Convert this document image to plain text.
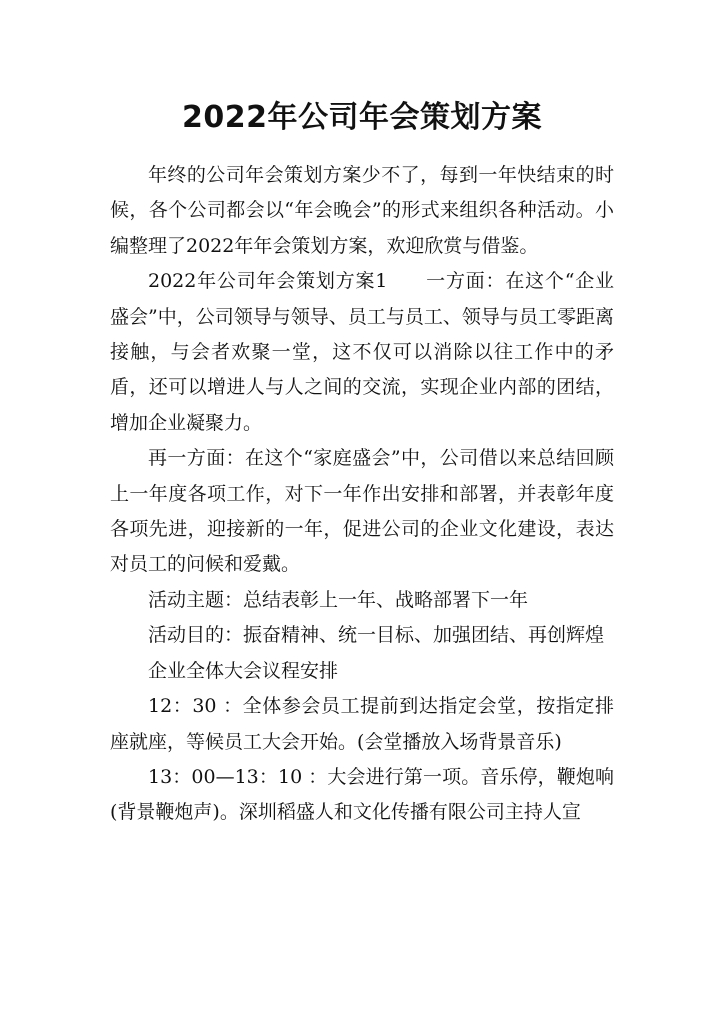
2022年公司年会策划方案

年终的公司年会策划方案少不了，每到一年快结束的时候，各个公司都会以“年会晚会”的形式来组织各种活动。小编整理了2022年年会策划方案，欢迎欣赏与借鉴。

2022年公司年会策划方案1 一方面：在这个“企业盛会”中，公司领导与领导、员工与员工、领导与员工零距离接触，与会者欢聚一堂，这不仅可以消除以往工作中的矛盾，还可以增进人与人之间的交流，实现企业内部的团结，增加企业凝聚力。

再一方面：在这个“家庭盛会”中，公司借以来总结回顾上一年度各项工作，对下一年作出安排和部署，并表彰年度各项先进，迎接新的一年，促进公司的企业文化建设，表达对员工的问候和爱戴。

活动主题：总结表彰上一年、战略部署下一年

活动目的：振奋精神、统一目标、加强团结、再创辉煌

企业全体大会议程安排

12：30 ：全体参会员工提前到达指定会堂，按指定排座就座，等候员工大会开始。(会堂播放入场背景音乐)

13：00—13：10 ：大会进行第一项。音乐停，鞭炮响(背景鞭炮声)。深圳稻盛人和文化传播有限公司主持人宣
